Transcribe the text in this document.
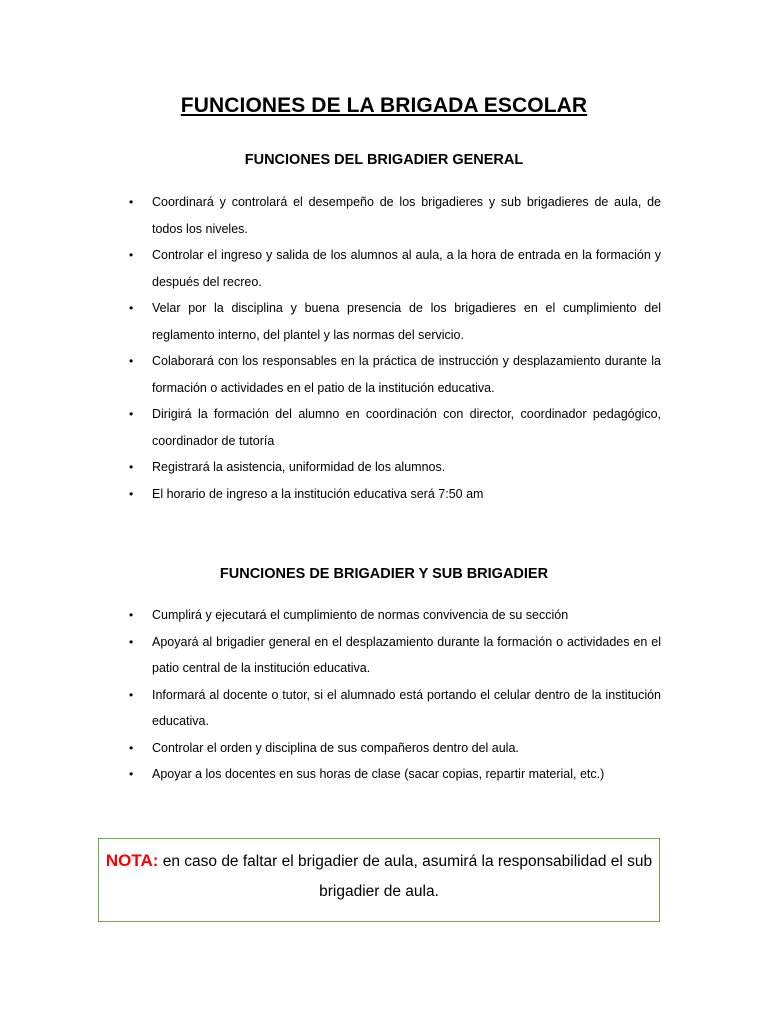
FUNCIONES DE LA BRIGADA ESCOLAR
FUNCIONES DEL BRIGADIER GENERAL
• Coordinará y controlará el desempeño de los brigadieres y sub brigadieres de aula, de todos los niveles.
• Controlar el ingreso y salida de los alumnos al aula, a la hora de entrada en la formación y después del recreo.
• Velar por la disciplina y buena presencia de los brigadieres en el cumplimiento del reglamento interno, del plantel y las normas del servicio.
• Colaborará con los responsables en la práctica de instrucción y desplazamiento durante la formación o actividades en el patio de la institución educativa.
• Dirigirá la formación del alumno en coordinación con director, coordinador pedagógico, coordinador de tutoría
• Registrará la asistencia, uniformidad de los alumnos.
• El horario de ingreso a la institución educativa será 7:50 am
FUNCIONES DE BRIGADIER Y SUB BRIGADIER
• Cumplirá y ejecutará el cumplimiento de normas convivencia de su sección
• Apoyará al brigadier general en el desplazamiento durante la formación o actividades en el patio central de la institución educativa.
• Informará al docente o tutor, si el alumnado está portando el celular dentro de la institución educativa.
• Controlar el orden y disciplina de sus compañeros dentro del aula.
• Apoyar a los docentes en sus horas de clase (sacar copias, repartir material, etc.)
NOTA: en caso de faltar el brigadier de aula, asumirá la responsabilidad el sub brigadier de aula.
